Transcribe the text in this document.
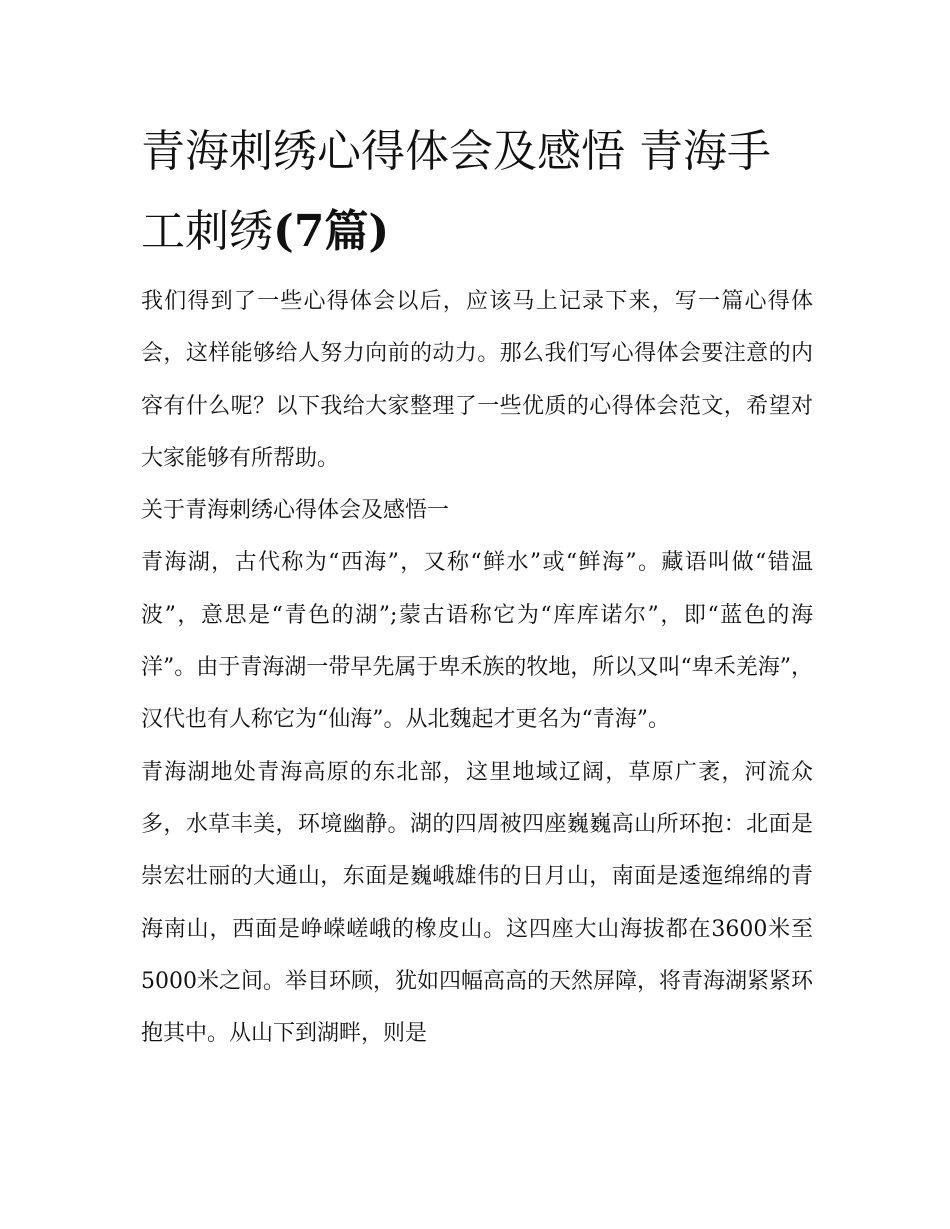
青海刺绣心得体会及感悟 青海手工刺绣(7篇)

我们得到了一些心得体会以后，应该马上记录下来，写一篇心得体会，这样能够给人努力向前的动力。那么我们写心得体会要注意的内容有什么呢？以下我给大家整理了一些优质的心得体会范文，希望对大家能够有所帮助。

关于青海刺绣心得体会及感悟一

青海湖，古代称为“西海”，又称“鲜水”或“鲜海”。藏语叫做“错温波”，意思是“青色的湖”;蒙古语称它为“库库诺尔”，即“蓝色的海洋”。由于青海湖一带早先属于卑禾族的牧地，所以又叫“卑禾羌海”，汉代也有人称它为“仙海”。从北魏起才更名为“青海”。

青海湖地处青海高原的东北部，这里地域辽阔，草原广袤，河流众多，水草丰美，环境幽静。湖的四周被四座巍巍高山所环抱：北面是崇宏壮丽的大通山，东面是巍峨雄伟的日月山，南面是逶迤绵绵的青海南山，西面是峥嵘嵯峨的橡皮山。这四座大山海拔都在3600米至5000米之间。举目环顾，犹如四幅高高的天然屏障，将青海湖紧紧环抱其中。从山下到湖畔，则是
